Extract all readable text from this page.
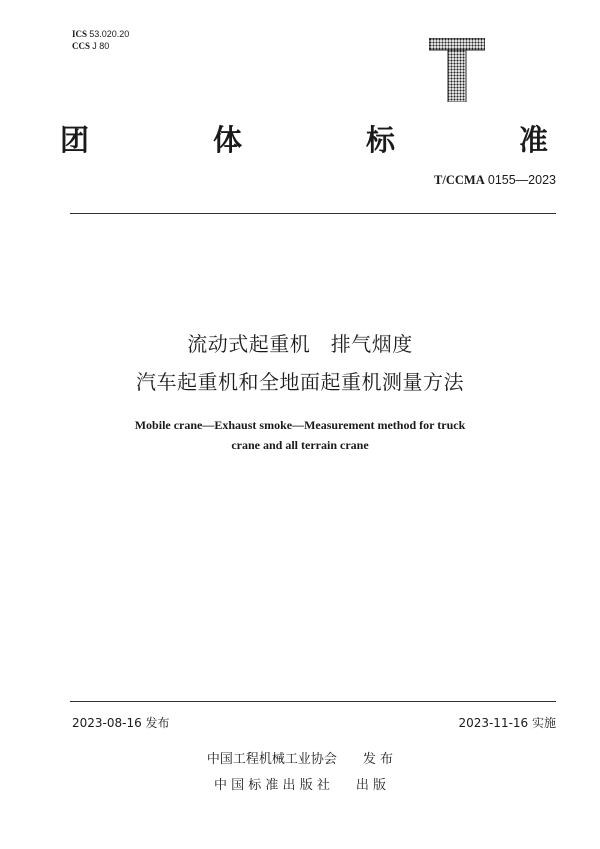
ICS 53.020.20
CCS J 80
团	体	标	准
T/CCMA 0155—2023
流动式起重机　排气烟度
汽车起重机和全地面起重机测量方法
Mobile crane—Exhaust smoke—Measurement method for truck
crane and all terrain crane
2023-08-16 发布	2023-11-16 实施
中国工程机械工业协会　　发 布
中 国 标 准 出 版 社　　出 版
